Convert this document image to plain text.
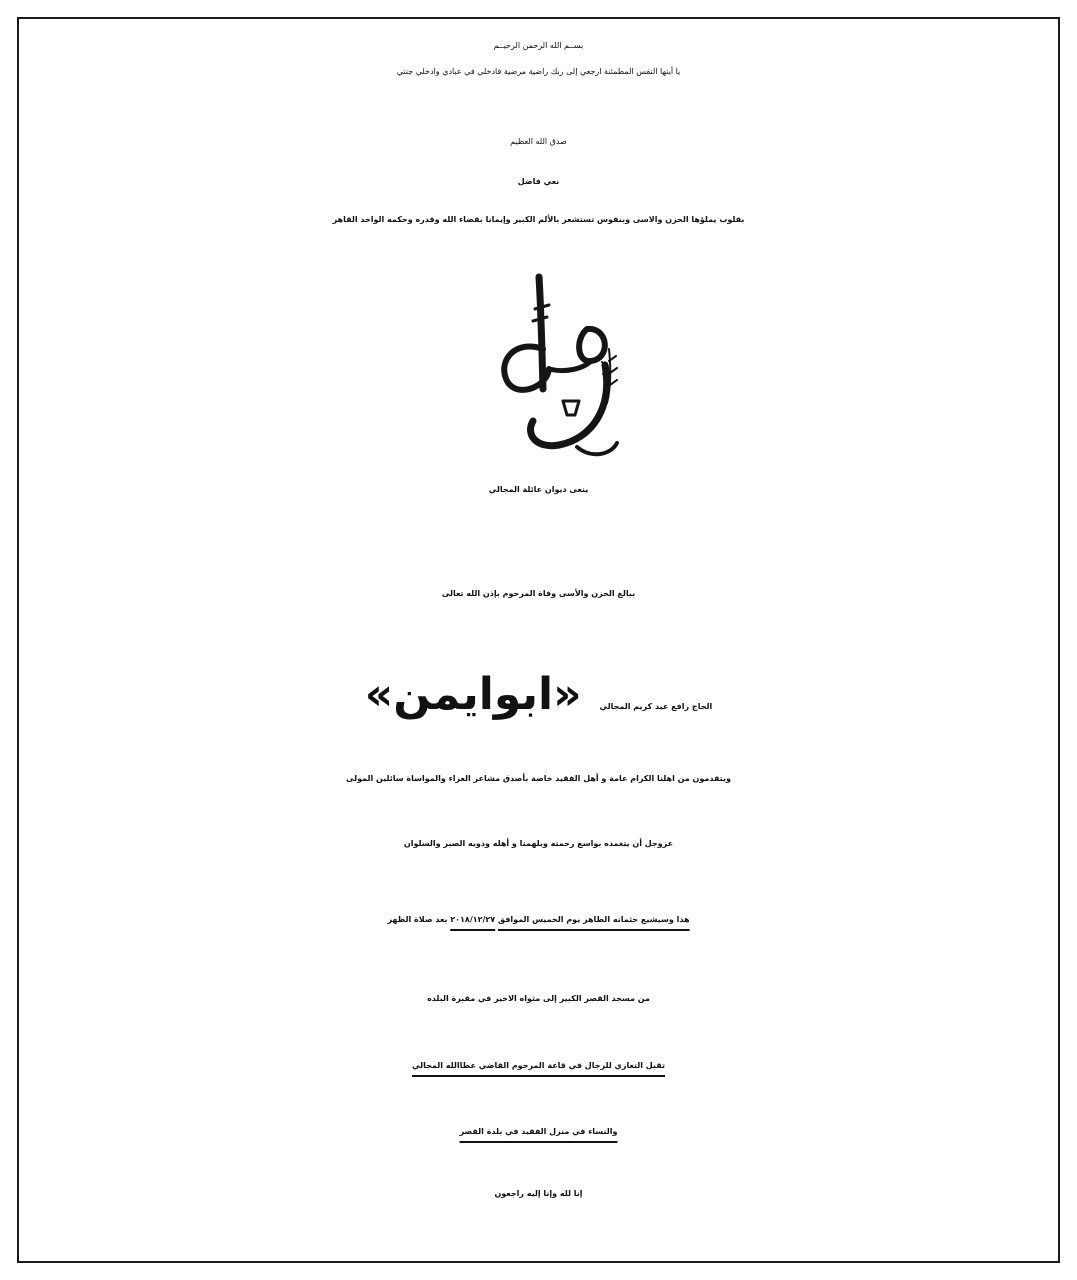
بســم الله الرحمن الرحيــم
يا أيتها النفس المطمئنة ارجعي إلى ربك راضية مرضية فادخلي في عبادي وادخلي جنتي
صدق الله العظيم
نعي فاضل
بقلوب يملؤها الحزن والاسى وبنفوس تستشعر بالألم الكبير وإيمانا بقضاء الله وقدره وحكمه الواحد القاهر
ينعى ديوان عائلة المجالي
ببالغ الحزن والأسى وفاة المرحوم بإذن الله تعالى
الحاج رافع عيد كريم المجالي«ابوايمن»
ويتقدمون من اهلنا الكرام عامة و أهل الفقيد خاصة بأصدق مشاعر العزاء والمواساة سائلين المولى
عزوجل أن يتغمده بواسع رحمته ويلهمنا و أهله وذويه الصبر والسلوان
هذا وسيشيع جثمانه الطاهر يوم الخميس الموافق ٢٠١٨/١٢/٢٧ بعد صلاة الظهر
من مسجد القصر الكبير إلى مثواه الاخير في مقبرة البلده
تقبل التعازي للرجال في قاعة المرحوم القاضي عطاالله المجالي
والنساء في منزل الفقيد في بلدة القصر
إنا لله وإنا إليه راجعون
